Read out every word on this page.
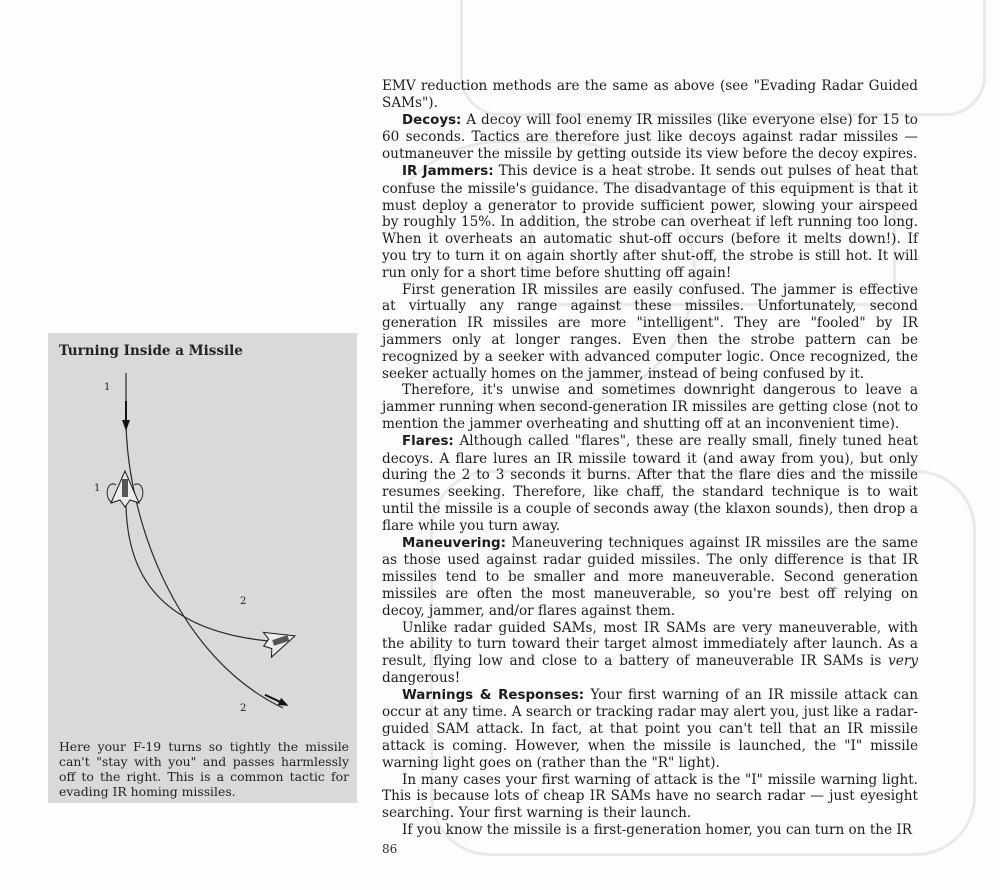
Turning Inside a Missile
1
1
2
2

Here your F-19 turns so tightly the missile can't "stay with you" and passes harmlessly off to the right. This is a common tactic for evading IR homing missiles.

EMV reduction methods are the same as above (see "Evading Radar Guided SAMs").

Decoys: A decoy will fool enemy IR missiles (like everyone else) for 15 to 60 seconds. Tactics are therefore just like decoys against radar missiles — outmaneuver the missile by getting outside its view before the decoy expires.

IR Jammers: This device is a heat strobe. It sends out pulses of heat that confuse the missile's guidance. The disadvantage of this equipment is that it must deploy a generator to provide sufficient power, slowing your airspeed by roughly 15%. In addition, the strobe can overheat if left running too long. When it overheats an automatic shut-off occurs (before it melts down!). If you try to turn it on again shortly after shut-off, the strobe is still hot. It will run only for a short time before shutting off again!

First generation IR missiles are easily confused. The jammer is effective at virtually any range against these missiles. Unfortunately, second generation IR missiles are more "intelligent". They are "fooled" by IR jammers only at longer ranges. Even then the strobe pattern can be recognized by a seeker with advanced computer logic. Once recognized, the seeker actually homes on the jammer, instead of being confused by it.

Therefore, it's unwise and sometimes downright dangerous to leave a jammer running when second-generation IR missiles are getting close (not to mention the jammer overheating and shutting off at an inconvenient time).

Flares: Although called "flares", these are really small, finely tuned heat decoys. A flare lures an IR missile toward it (and away from you), but only during the 2 to 3 seconds it burns. After that the flare dies and the missile resumes seeking. Therefore, like chaff, the standard technique is to wait until the missile is a couple of seconds away (the klaxon sounds), then drop a flare while you turn away.

Maneuvering: Maneuvering techniques against IR missiles are the same as those used against radar guided missiles. The only difference is that IR missiles tend to be smaller and more maneuverable. Second generation missiles are often the most maneuverable, so you're best off relying on decoy, jammer, and/or flares against them.

Unlike radar guided SAMs, most IR SAMs are very maneuverable, with the ability to turn toward their target almost immediately after launch. As a result, flying low and close to a battery of maneuverable IR SAMs is very dangerous!

Warnings & Responses: Your first warning of an IR missile attack can occur at any time. A search or tracking radar may alert you, just like a radar-guided SAM attack. In fact, at that point you can't tell that an IR missile attack is coming. However, when the missile is launched, the "I" missile warning light goes on (rather than the "R" light).

In many cases your first warning of attack is the "I" missile warning light. This is because lots of cheap IR SAMs have no search radar — just eyesight searching. Your first warning is their launch.

If you know the missile is a first-generation homer, you can turn on the IR

86
